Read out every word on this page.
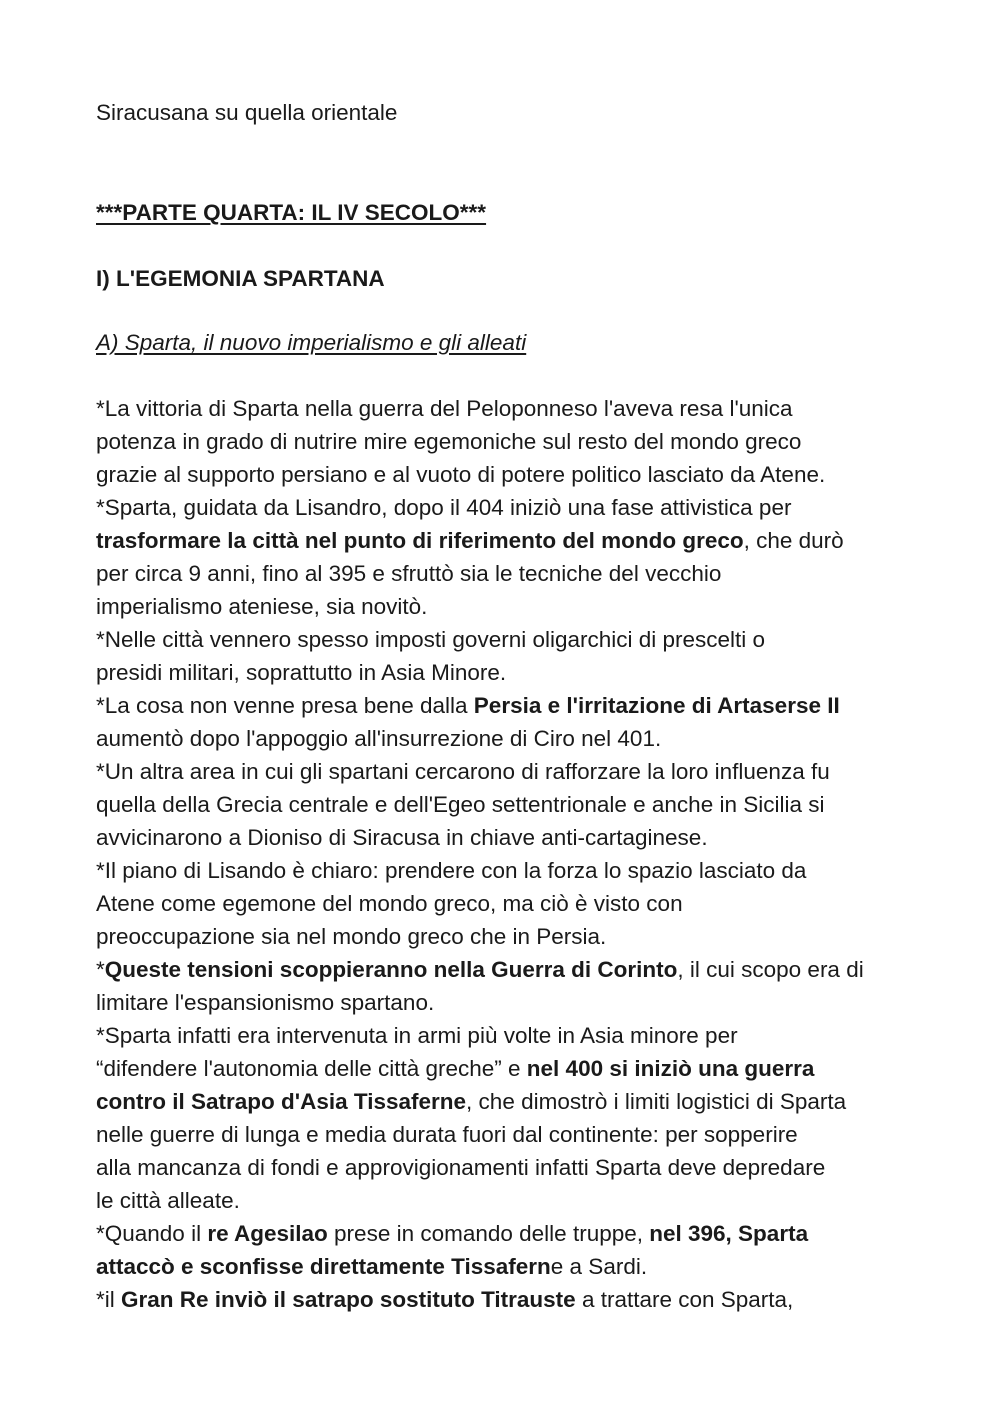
Siracusana su quella orientale

***PARTE QUARTA: IL IV SECOLO***

I) L'EGEMONIA SPARTANA

A) Sparta, il nuovo imperialismo e gli alleati

*La vittoria di Sparta nella guerra del Peloponneso l'aveva resa l'unica
potenza in grado di nutrire mire egemoniche sul resto del mondo greco
grazie al supporto persiano e al vuoto di potere politico lasciato da Atene.

*Sparta, guidata da Lisandro, dopo il 404 iniziò una fase attivistica per
trasformare la città nel punto di riferimento del mondo greco, che durò
per circa 9 anni, fino al 395 e sfruttò sia le tecniche del vecchio
imperialismo ateniese, sia novitò.

*Nelle città vennero spesso imposti governi oligarchici di prescelti o
presidi militari, soprattutto in Asia Minore.

*La cosa non venne presa bene dalla Persia e l'irritazione di Artaserse II
aumentò dopo l'appoggio all'insurrezione di Ciro nel 401.

*Un altra area in cui gli spartani cercarono di rafforzare la loro influenza fu
quella della Grecia centrale e dell'Egeo settentrionale e anche in Sicilia si
avvicinarono a Dioniso di Siracusa in chiave anti-cartaginese.

*Il piano di Lisando è chiaro: prendere con la forza lo spazio lasciato da
Atene come egemone del mondo greco, ma ciò è visto con
preoccupazione sia nel mondo greco che in Persia.

*Queste tensioni scoppieranno nella Guerra di Corinto, il cui scopo era di
limitare l'espansionismo spartano.

*Sparta infatti era intervenuta in armi più volte in Asia minore per
“difendere l'autonomia delle città greche” e nel 400 si iniziò una guerra
contro il Satrapo d'Asia Tissaferne, che dimostrò i limiti logistici di Sparta
nelle guerre di lunga e media durata fuori dal continente: per sopperire
alla mancanza di fondi e approvigionamenti infatti Sparta deve depredare
le città alleate.

*Quando il re Agesilao prese in comando delle truppe, nel 396, Sparta
attaccò e sconfisse direttamente Tissaferne a Sardi.

*il Gran Re inviò il satrapo sostituto Titrauste a trattare con Sparta,
